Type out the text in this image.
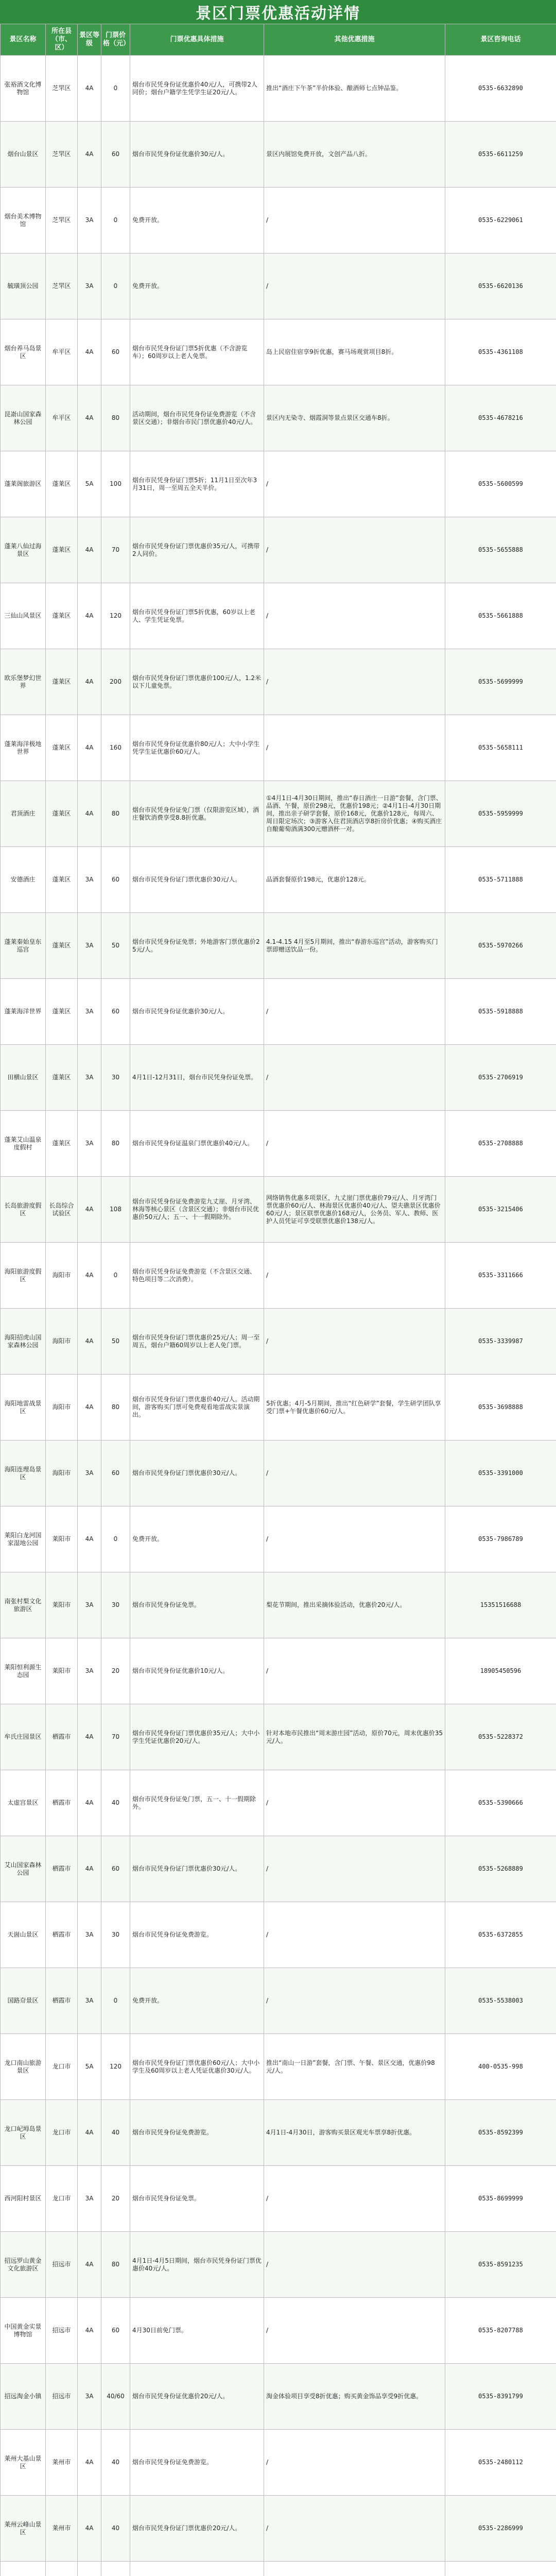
景区门票优惠活动详情
景区名称	所在县（市、区）	景区等级	门票价格（元）	门票优惠具体措施	其他优惠措施	景区咨询电话
张裕酒文化博物馆	芝罘区	4A	0	烟台市民凭身份证优惠价40元/人，可携带2人同价；烟台户籍学生凭学生证20元/人。	推出“酒庄下午茶”半价体验、酿酒师七点钟品鉴。	0535-6632890
烟台山景区	芝罘区	4A	60	烟台市民凭身份证优惠价30元/人。	景区内展馆免费开放，文创产品八折。	0535-6611259
烟台美术博物馆	芝罘区	3A	0	免费开放。	/	0535-6229061
毓璜顶公园	芝罘区	3A	0	免费开放。	/	0535-6620136
烟台养马岛景区	牟平区	4A	60	烟台市民凭身份证门票5折优惠（不含游览车）；60周岁以上老人免票。	岛上民宿住宿享9折优惠，赛马场观赏项目8折。	0535-4361108
昆嵛山国家森林公园	牟平区	4A	80	活动期间，烟台市民凭身份证免费游览（不含景区交通）；非烟台市民门票优惠价40元/人。	景区内无染寺、烟霞洞等景点景区交通车8折。	0535-4678216
蓬莱阁旅游区	蓬莱区	5A	100	烟台市民凭身份证门票5折；11月1日至次年3月31日，周一至周五全天半价。	/	0535-5600599
蓬莱八仙过海景区	蓬莱区	4A	70	烟台市民凭身份证门票优惠价35元/人，可携带2人同价。	/	0535-5655888
三仙山风景区	蓬莱区	4A	120	烟台市民凭身份证门票5折优惠，60岁以上老人、学生凭证免票。	/	0535-5661888
欧乐堡梦幻世界	蓬莱区	4A	200	烟台市民凭身份证门票优惠价100元/人，1.2米以下儿童免票。	/	0535-5699999
蓬莱海洋极地世界	蓬莱区	4A	160	烟台市民凭身份证优惠价80元/人；大中小学生凭学生证优惠价60元/人。	/	0535-5658111
君顶酒庄	蓬莱区	4A	80	烟台市民凭身份证免门票（仅限游览区域），酒庄餐饮消费享受8.8折优惠。	①4月1日-4月30日期间，推出“春日酒庄一日游”套餐，含门票、品酒、午餐，原价298元，优惠价198元；②4月1日-4月30日期间，推出亲子研学套餐，原价168元，优惠价128元，每周六、周日限定场次；③游客入住君顶酒店享8折房价优惠；④购买酒庄自酿葡萄酒满300元赠酒杯一对。	0535-5959999
安德酒庄	蓬莱区	3A	60	烟台市民凭身份证门票优惠价30元/人。	品酒套餐原价198元，优惠价128元。	0535-5711888
蓬莱秦始皇东巡宫	蓬莱区	3A	50	烟台市民凭身份证免票；外地游客门票优惠价25元/人。	4.1-4.15 4月至5月期间，推出“春游东巡宫”活动，游客购买门票即赠送饮品一份。	0535-5970266
蓬莱海洋世界	蓬莱区	3A	60	烟台市民凭身份证优惠价30元/人。	/	0535-5918888
田横山景区	蓬莱区	3A	30	4月1日-12月31日，烟台市民凭身份证免票。	/	0535-2706919
蓬莱艾山温泉度假村	蓬莱区	3A	80	烟台市民凭身份证温泉门票优惠价40元/人。	/	0535-2708888
长岛旅游度假区	长岛综合试验区	4A	108	烟台市民凭身份证免费游览九丈崖、月牙湾、林海等核心景区（含景区交通）；非烟台市民优惠价50元/人；五一、十一假期除外。	网络销售优惠多项景区，九丈崖门票优惠价79元/人、月牙湾门票优惠价60元/人、林海景区优惠价40元/人、望夫礁景区优惠价60元/人；景区联票优惠价168元/人，公务员、军人、教师、医护人员凭证可享受联票优惠价138元/人。	0535-3215406
海阳旅游度假区	海阳市	4A	0	烟台市民凭身份证免费游览（不含景区交通、特色项目等二次消费）。	/	0535-3311666
海阳招虎山国家森林公园	海阳市	4A	50	烟台市民凭身份证门票优惠价25元/人；周一至周五，烟台户籍60周岁以上老人免门票。	/	0535-3339987
海阳地雷战景区	海阳市	4A	80	烟台市民凭身份证门票优惠价40元/人。活动期间，游客购买门票可免费观看地雷战实景演出。	5折优惠；4月-5月期间，推出“红色研学”套餐，学生研学团队享受门票+午餐优惠价60元/人。	0535-3698888
海阳连理岛景区	海阳市	3A	60	烟台市民凭身份证门票优惠价30元/人。	/	0535-3391000
莱阳白龙河国家湿地公园	莱阳市	4A	0	免费开放。	/	0535-7986789
南张村梨文化旅游区	莱阳市	3A	30	烟台市民凭身份证免票。	梨花节期间，推出采摘体验活动，优惠价20元/人。	15351516688
莱阳恒利源生态园	莱阳市	3A	20	烟台市民凭身份证优惠价10元/人。	/	18905450596
牟氏庄园景区	栖霞市	4A	70	烟台市民凭身份证门票优惠价35元/人；大中小学生凭证优惠价20元/人。	针对本地市民推出“周末游庄园”活动，原价70元，周末优惠价35元/人。	0535-5228372
太虚宫景区	栖霞市	4A	40	烟台市民凭身份证免门票，五一、十一假期除外。	/	0535-5390666
艾山国家森林公园	栖霞市	4A	60	烟台市民凭身份证门票优惠价30元/人。	/	0535-5268889
天崮山景区	栖霞市	3A	30	烟台市民凭身份证免费游览。	/	0535-6372855
国路夼景区	栖霞市	3A	0	免费开放。	/	0535-5538003
龙口南山旅游景区	龙口市	5A	120	烟台市民凭身份证门票优惠价60元/人；大中小学生及60周岁以上老人凭证优惠价30元/人。	推出“南山一日游”套餐，含门票、午餐、景区交通，优惠价98元/人。	400-0535-998
龙口屺坶岛景区	龙口市	4A	40	烟台市民凭身份证免费游览。	4月1日-4月30日，游客购买景区观光车票享8折优惠。	0535-8592399
西河阳村景区	龙口市	3A	20	烟台市民凭身份证免票。	/	0535-8699999
招远罗山黄金文化旅游区	招远市	4A	80	4月1日-4月5日期间，烟台市民凭身份证门票优惠价40元/人。	/	0535-8591235
中国黄金实景博物馆	招远市	4A	60	4月30日前免门票。	/	0535-8207788
招远淘金小镇	招远市	3A	40/60	烟台市民凭身份证优惠价20元/人。	淘金体验项目享受8折优惠；购买黄金饰品享受9折优惠。	0535-8391799
莱州大基山景区	莱州市	4A	40	烟台市民凭身份证免费游览。	/	0535-2480112
莱州云峰山景区	莱州市	4A	40	烟台市民凭身份证门票优惠价20元/人。	/	0535-2286999
